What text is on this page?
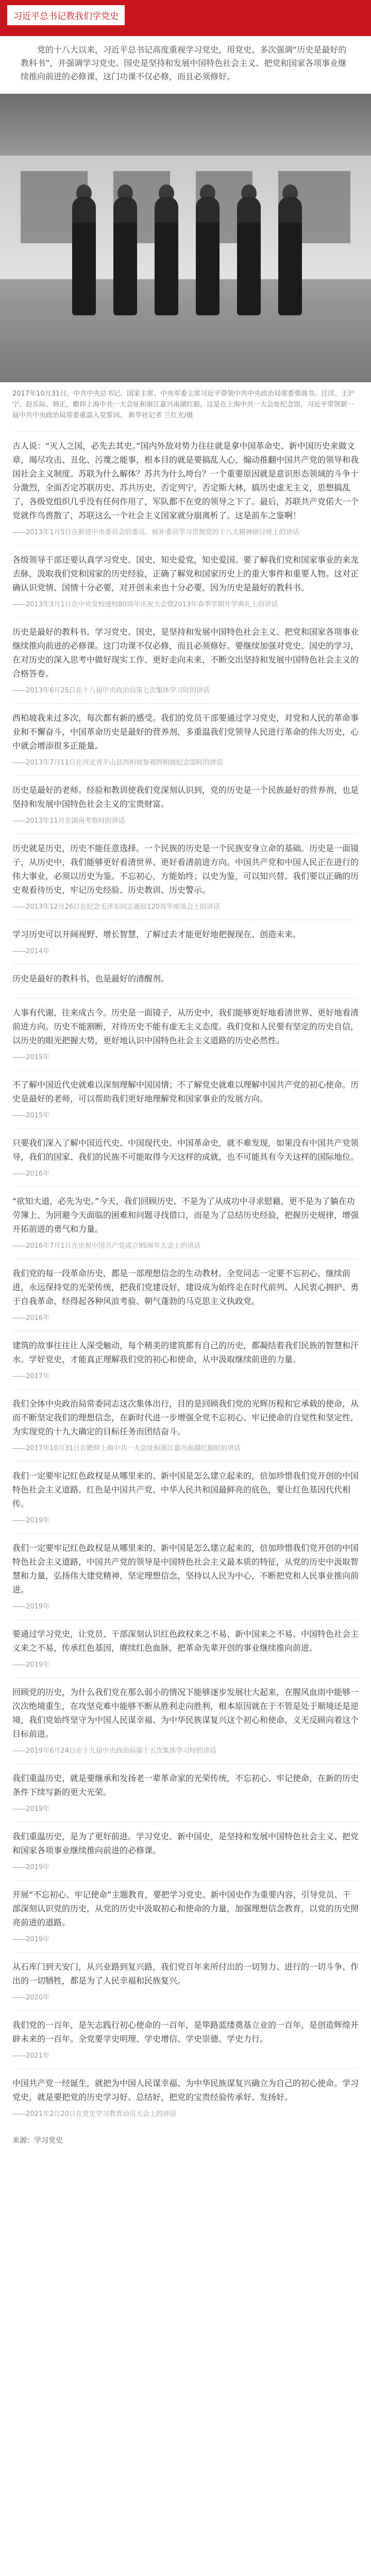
习近平总书记教我们学党史
党的十八大以来，习近平总书记高度重视学习党史，用党史、多次强调“历史是最好的教科书”，并强调学习党史、国史是坚持和发展中国特色社会主义、把党和国家各项事业继续推向前进的必修课，这门功课不仅必修，而且必须修好。
2017年10月31日，中共中央总书记、国家主席、中央军委主席习近平带领中共中央政治局常委栗战书、汪洋、王沪宁、赵乐际、韩正，瞻仰上海中共一大会址和浙江嘉兴南湖红船。这是在上海中共一大会址纪念馆，习近平带领新一届中共中央政治局常委重温入党誓词。 新华社记者 兰红光/摄
古人说：“灭人之国，必先去其史。”国内外敌对势力往往就是拿中国革命史、新中国历史来做文章，竭尽攻击、丑化、污蔑之能事，根本目的就是要搞乱人心，煽动推翻中国共产党的领导和我国社会主义制度。苏联为什么解体？苏共为什么垮台？一个重要原因就是意识形态领域的斗争十分激烈，全面否定苏联历史、苏共历史，否定列宁，否定斯大林，搞历史虚无主义，思想搞乱了，各级党组织几乎没有任何作用了，军队都不在党的领导之下了。最后，苏联共产党偌大一个党就作鸟兽散了，苏联这么一个社会主义国家就分崩离析了。这是前车之鉴啊！
——2013年1月5日在新进中央委员会的委员、候补委员学习贯彻党的十八大精神研讨班上的讲话
各级领导干部还要认真学习党史、国史，知史爱党，知史爱国。要了解我们党和国家事业的来龙去脉，汲取我们党和国家的历史经验，正确了解党和国家历史上的重大事件和重要人物。这对正确认识党情、国情十分必要，对开创未来也十分必要，因为历史是最好的教科书。
——2013年3月1日在中央党校建校80周年庆祝大会暨2013年春季学期开学典礼上的讲话
历史是最好的教科书。学习党史、国史，是坚持和发展中国特色社会主义、把党和国家各项事业继续推向前进的必修课。这门功课不仅必修，而且必须修好。要继续加强对党史、国史的学习，在对历史的深入思考中做好现实工作、更好走向未来，不断交出坚持和发展中国特色社会主义的合格答卷。
——2013年6月25日在十八届中央政治局第七次集体学习时的讲话
西柏坡我来过多次，每次都有新的感受。我们的党员干部要通过学习党史，对党和人民的革命事业和不懈奋斗，中国革命历史是最好的营养剂，多重温我们党领导人民进行革命的伟大历史，心中就会增添很多正能量。
——2013年7月11日在河北省平山县西柏坡参观西柏坡纪念馆时的讲话
历史是最好的老师。经验和教训使我们党深刻认识到，党的历史是一个民族最好的营养剂，也是坚持和发展中国特色社会主义的宝贵财富。
——2013年11月在湖南考察时的讲话
历史就是历史，历史不能任意选择。一个民族的历史是一个民族安身立命的基础。历史是一面镜子，从历史中，我们能够更好看清世界、更好看清前进方向。中国共产党和中国人民正在进行的伟大事业，必须以历史为鉴。不忘初心，方能始终；以史为鉴，可以知兴替。我们要以正确的历史观看待历史，牢记历史经验、历史教训、历史警示。
——2013年12月26日在纪念毛泽东同志诞辰120周年座谈会上的讲话
学习历史可以开阔视野、增长智慧，了解过去才能更好地把握现在、创造未来。
——2014年
历史是最好的教科书，也是最好的清醒剂。
人事有代谢，往来成古今。历史是一面镜子，从历史中，我们能够更好地看清世界、更好地看清前进方向。历史不能割断，对待历史不能有虚无主义态度。我们党和人民要有坚定的历史自信，以历史的眼光把握大势，更好地认识中国特色社会主义道路的历史必然性。
——2015年
不了解中国近代史就难以深刻理解中国国情；不了解党史就难以理解中国共产党的初心使命。历史是最好的老师，可以帮助我们更好地理解党和国家事业的发展方向。
——2015年
只要我们深入了解中国近代史、中国现代史、中国革命史，就不难发现，如果没有中国共产党领导，我们的国家、我们的民族不可能取得今天这样的成就，也不可能具有今天这样的国际地位。
——2016年
“欲知大道，必先为史。”今天，我们回顾历史，不是为了从成功中寻求慰藉，更不是为了躺在功劳簿上、为回避今天面临的困难和问题寻找借口，而是为了总结历史经验，把握历史规律，增强开拓前进的勇气和力量。
——2016年7月1日在庆祝中国共产党成立95周年大会上的讲话
我们党的每一段革命历史，都是一部理想信念的生动教材。全党同志一定要不忘初心，继续前进，永远保持党的光荣传统，把我们党建设好，建设成为始终走在时代前列、人民衷心拥护、勇于自我革命、经得起各种风浪考验、朝气蓬勃的马克思主义执政党。
——2016年
建筑的故事往往让人深受触动，每个精美的建筑都有自己的历史，都凝结着我们民族的智慧和汗水。学好党史，才能真正理解我们党的初心和使命，从中汲取继续前进的力量。
——2017年
我们全体中央政治局常委同志这次集体出行，目的是回顾我们党的光辉历程和它承载的使命，从而不断坚定我们的理想信念，在新时代进一步增强全党不忘初心、牢记使命的自觉性和坚定性，为实现党的十九大确定的目标任务而团结奋斗。
——2017年10月31日在瞻仰上海中共一大会址和浙江嘉兴南湖红船时的讲话
我们一定要牢记红色政权是从哪里来的、新中国是怎么建立起来的，倍加珍惜我们党开创的中国特色社会主义道路。红色是中国共产党、中华人民共和国最鲜亮的底色，要让红色基因代代相传。
——2019年
我们一定要牢记红色政权是从哪里来的、新中国是怎么建立起来的，倍加珍惜我们党开创的中国特色社会主义道路，中国共产党的领导是中国特色社会主义最本质的特征，从党的历史中汲取智慧和力量，弘扬伟大建党精神，坚定理想信念，坚持以人民为中心，不断把党和人民事业推向前进。
——2019年
要通过学习党史，让党员、干部深刻认识红色政权来之不易、新中国来之不易、中国特色社会主义来之不易，传承红色基因，赓续红色血脉，把革命先辈开创的事业继续推向前进。
——2019年
回顾党的历史，为什么我们党在那么弱小的情况下能够逐步发展壮大起来，在腥风血雨中能够一次次绝境重生，在攻坚克难中能够不断从胜利走向胜利，根本原因就在于不管是处于顺境还是逆境，我们党始终坚守为中国人民谋幸福、为中华民族谋复兴这个初心和使命，义无反顾向着这个目标前进。
——2019年6月24日在十九届中央政治局第十五次集体学习时的讲话
我们重温历史，就是要继承和发扬老一辈革命家的光荣传统，不忘初心、牢记使命，在新的历史条件下续写新的更大光荣。
——2019年
我们重温历史，是为了更好前进。学习党史、新中国史，是坚持和发展中国特色社会主义、把党和国家各项事业继续推向前进的必修课。
——2019年
开展“不忘初心、牢记使命”主题教育，要把学习党史、新中国史作为重要内容，引导党员、干部深刻认识党的历史，从党的历史中汲取初心和使命的力量，加强理想信念教育，以党的历史照亮前进的道路。
——2019年
从石库门到天安门，从兴业路到复兴路，我们党百年来所付出的一切努力、进行的一切斗争、作出的一切牺牲，都是为了人民幸福和民族复兴。
——2020年
我们党的一百年，是矢志践行初心使命的一百年，是筚路蓝缕奠基立业的一百年，是创造辉煌开辟未来的一百年。全党要学史明理、学史增信、学史崇德、学史力行。
——2021年
中国共产党一经诞生，就把为中国人民谋幸福、为中华民族谋复兴确立为自己的初心使命。学习党史，就是要把党的历史学习好、总结好，把党的宝贵经验传承好、发扬好。
——2021年2月20日在党史学习教育动员大会上的讲话
来源：学习党史
